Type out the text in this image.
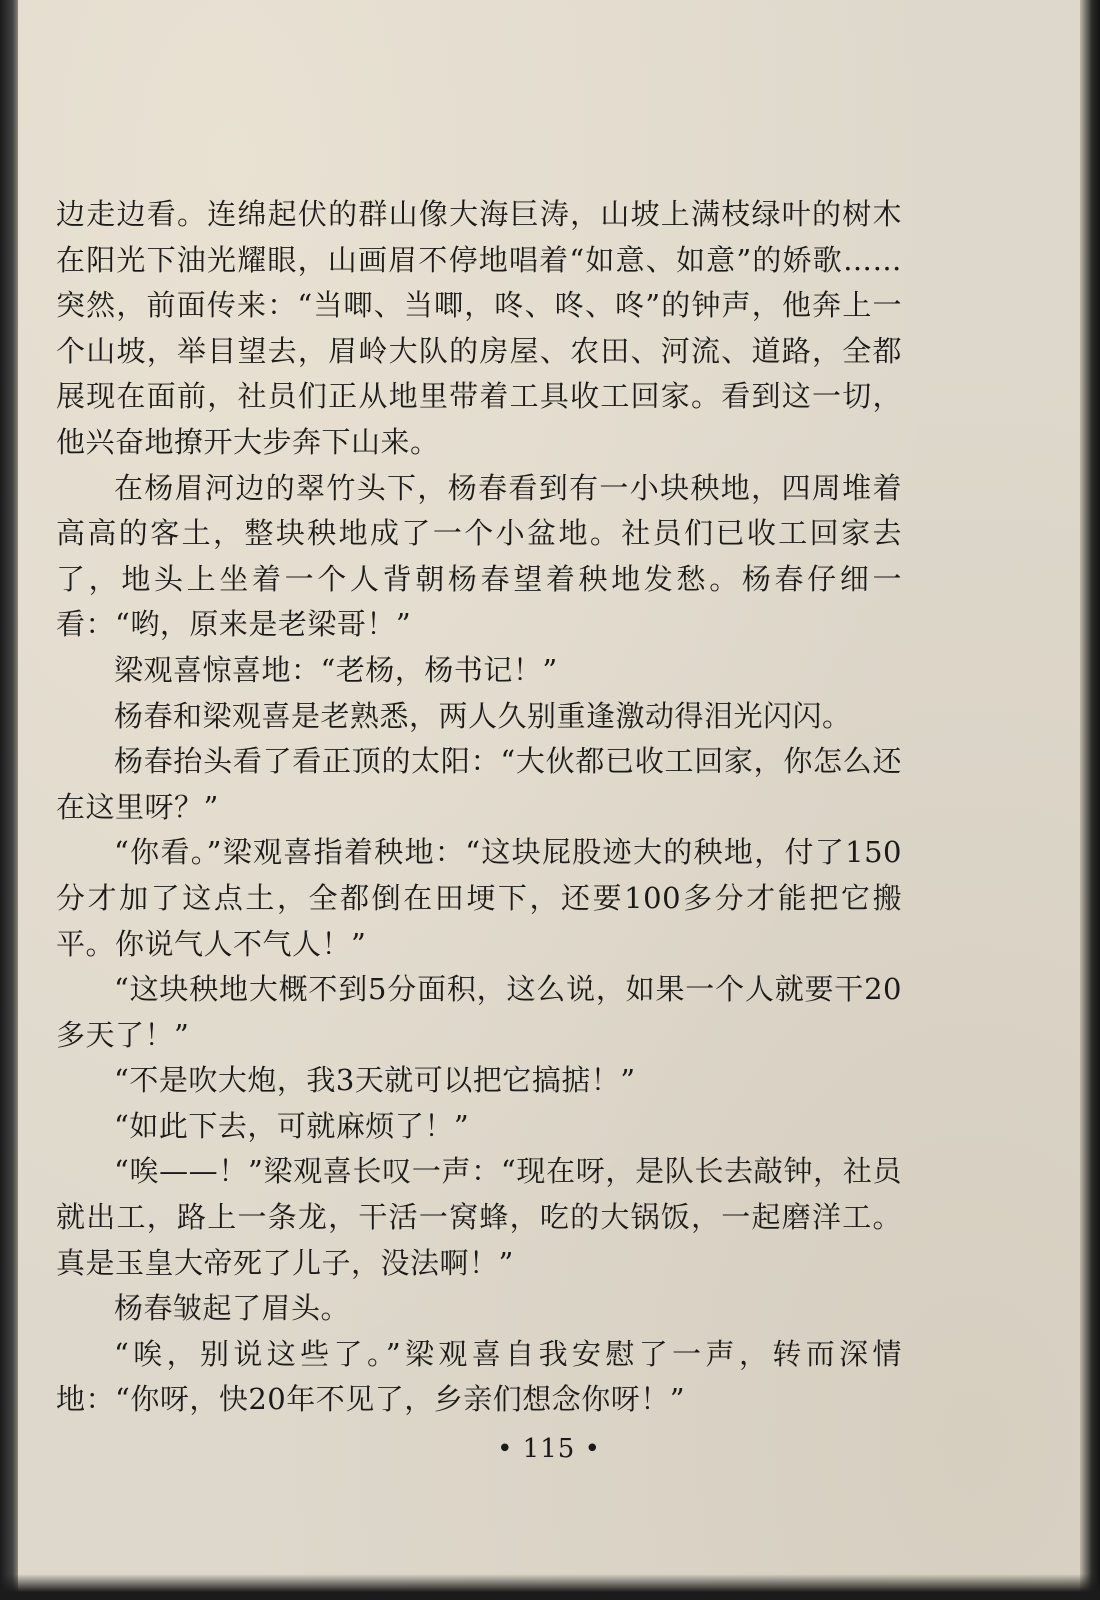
边走边看。连绵起伏的群山像大海巨涛，山坡上满枝绿叶的树木在阳光下油光耀眼，山画眉不停地唱着“如意、如意”的娇歌……突然，前面传来：“当唧、当唧，咚、咚、咚”的钟声，他奔上一个山坡，举目望去，眉岭大队的房屋、农田、河流、道路，全都展现在面前，社员们正从地里带着工具收工回家。看到这一切，他兴奋地撩开大步奔下山来。

在杨眉河边的翠竹头下，杨春看到有一小块秧地，四周堆着高高的客土，整块秧地成了一个小盆地。社员们已收工回家去了，地头上坐着一个人背朝杨春望着秧地发愁。杨春仔细一看：“哟，原来是老梁哥！”

梁观喜惊喜地：“老杨，杨书记！”

杨春和梁观喜是老熟悉，两人久别重逢激动得泪光闪闪。

杨春抬头看了看正顶的太阳：“大伙都已收工回家，你怎么还在这里呀？”

“你看。”梁观喜指着秧地：“这块屁股迹大的秧地，付了150分才加了这点土，全都倒在田埂下，还要100多分才能把它搬平。你说气人不气人！”

“这块秧地大概不到5分面积，这么说，如果一个人就要干20多天了！”

“不是吹大炮，我3天就可以把它搞掂！”

“如此下去，可就麻烦了！”

“唉——！”梁观喜长叹一声：“现在呀，是队长去敲钟，社员就出工，路上一条龙，干活一窝蜂，吃的大锅饭，一起磨洋工。真是玉皇大帝死了儿子，没法啊！”

杨春皱起了眉头。

“唉，别说这些了。”梁观喜自我安慰了一声，转而深情地：“你呀，快20年不见了，乡亲们想念你呀！”

• 115 •
